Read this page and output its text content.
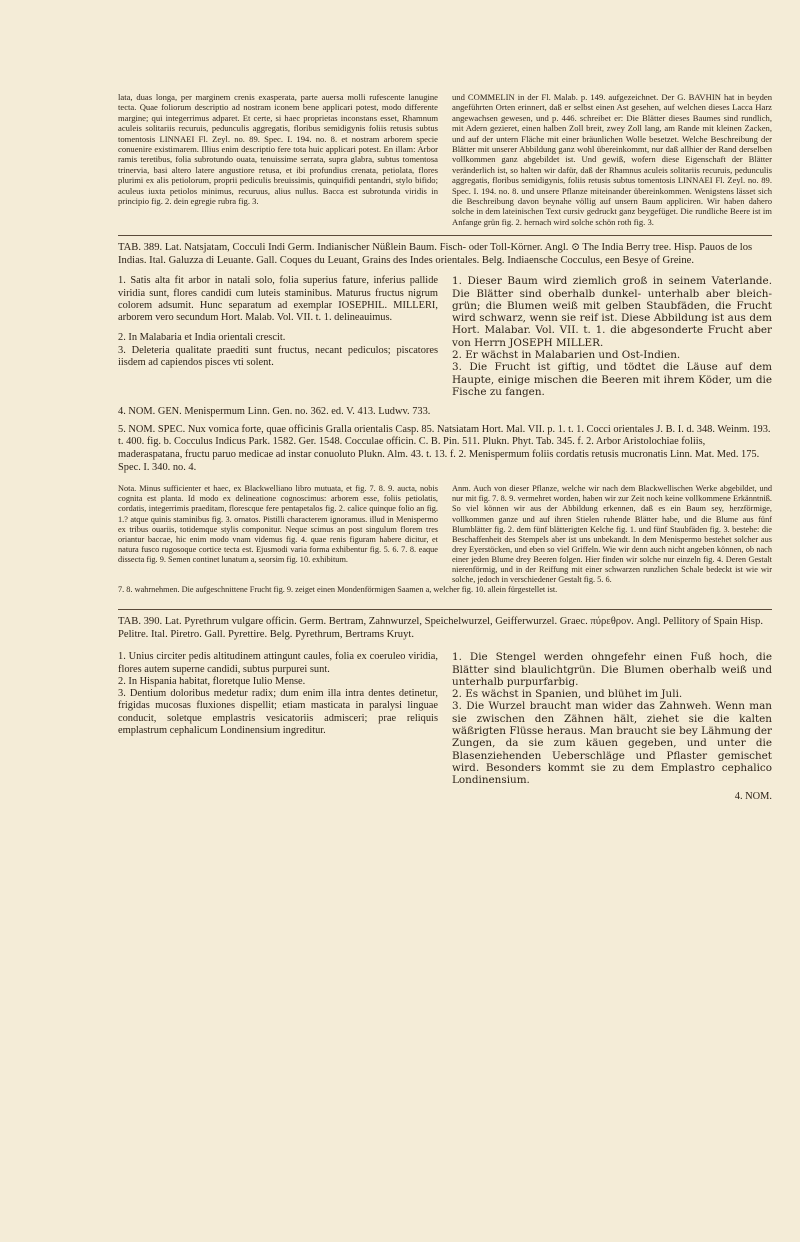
lata, duas longa, per marginem crenis exasperata, parte auersa molli rufescente lanugine tecta. Quae foliorum descriptio ad nostram iconem bene applicari potest, modo differente margine; qui integerrimus adparet. Et certe, si haec proprietas inconstans esset, Rhamnum aculeis solitariis recuruis, pedunculis aggregatis, floribus semidigynis foliis retusis subtus tomentosis LINNAEI Fl. Zeyl. no. 89. Spec. I. 194. no. 8. et nostram arborem specie conuenire existimarem. Illius enim descriptio fere tota huic applicari potest. En illam: Arbor ramis teretibus, folia subrotundo ouata, tenuissime serrata, supra glabra, subtus tomentosa trinervia, basi altero latere angustiore retusa, et ibi profundius crenata, petiolata, flores plurimi ex alis petiolorum, proprii pediculis breuissimis, quinquifidi pentandri, stylo bifido; aculeus iuxta petiolos minimus, recuruus, alius nullus. Bacca est subrotunda viridis in principio fig. 2. dein egregie rubra fig. 3.

und COMMELIN in der Fl. Malab. p. 149. aufgezeichnet. Der G. BAVHIN hat in beyden angeführten Orten erinnert, daß er selbst einen Ast gesehen, auf welchen dieses Lacca Harz angewachsen gewesen, und p. 446. schreibet er: Die Blätter dieses Baumes sind rundlich, mit Adern gezieret, einen halben Zoll breit, zwey Zoll lang, am Rande mit kleinen Zacken, und auf der untern Fläche mit einer bräunlichen Wolle besetzet. Welche Beschreibung der Blätter mit unserer Abbildung ganz wohl übereinkommt, nur daß allhier der Rand derselben vollkommen ganz abgebildet ist. Und gewiß, wofern diese Eigenschaft der Blätter veränderlich ist, so halten wir dafür, daß der Rhamnus aculeis solitariis recuruis, pedunculis aggregatis, floribus semidigynis, foliis retusis subtus tomentosis LINNAEI Fl. Zeyl. no. 89. Spec. I. 194. no. 8. und unsere Pflanze miteinander übereinkommen. Wenigstens lässet sich die Beschreibung davon beynahe völlig auf unsern Baum appliciren. Wir haben dahero solche in dem lateinischen Text cursiv gedruckt ganz beygefüget. Die rundliche Beere ist im Anfange grün fig. 2. hernach wird solche schön roth fig. 3.

TAB. 389. Lat. Natsjatam, Cocculi Indi Germ. Indianischer Nüßlein Baum. Fisch- oder Toll-Körner. Angl. ⊙ The India Berry tree. Hisp. Pauos de los Indias. Ital. Galuzza di Leuante. Gall. Coques du Leuant, Grains des Indes orientales. Belg. Indiaensche Cocculus, een Besye of Greine.

1. Satis alta fit arbor in natali solo, folia superius fature, inferius pallide viridia sunt, flores candidi cum luteis staminibus. Maturus fructus nigrum colorem adsumit. Hunc separatum ad exemplar IOSEPHIL. MILLERI, arborem vero secundum Hort. Malab. Vol. VII. t. 1. delineauimus.

2. In Malabaria et India orientali crescit.

3. Deleteria qualitate praediti sunt fructus, necant pediculos; piscatores iisdem ad capiendos pisces vti solent.

1. Dieser Baum wird ziemlich groß in seinem Vaterlande. Die Blätter sind oberhalb dunkel- unterhalb aber bleich-grün; die Blumen weiß mit gelben Staubfäden, die Frucht wird schwarz, wenn sie reif ist. Diese Abbildung ist aus dem Hort. Malabar. Vol. VII. t. 1. die abgesonderte Frucht aber von Herrn JOSEPH MILLER.

2. Er wächst in Malabarien und Ost-Indien.

3. Die Frucht ist giftig, und tödtet die Läuse auf dem Haupte, einige mischen die Beeren mit ihrem Köder, um die Fische zu fangen.

4. NOM. GEN. Menispermum Linn. Gen. no. 362. ed. V. 413. Ludwv. 733.

5. NOM. SPEC. Nux vomica forte, quae officinis Gralla orientalis Casp. 85. Natsiatam Hort. Mal. VII. p. 1. t. 1. Cocci orientales J. B. I. d. 348. Weinm. 193. t. 400. fig. b. Cocculus Indicus Park. 1582. Ger. 1548. Cocculae officin. C. B. Pin. 511. Plukn. Phyt. Tab. 345. f. 2. Arbor Aristolochiae foliis, maderaspatana, fructu paruo medicae ad instar conuoluto Plukn. Alm. 43. t. 13. f. 2. Menispermum foliis cordatis retusis mucronatis Linn. Mat. Med. 175. Spec. I. 340. no. 4.

Nota. Minus sufficienter et haec, ex Blackwelliano libro mutuata, et fig. 7. 8. 9. aucta, nobis cognita est planta. Id modo ex delineatione cognoscimus: arborem esse, foliis petiolatis, cordatis, integerrimis praeditam, florescque fere pentapetalos fig. 2. calice quinque folio an fig. 1.? atque quinis staminibus fig. 3. ornatos. Pistilli characterem ignoramus. illud in Menispermo ex tribus ouariis, totidemque stylis componitur. Neque scimus an post singulum florem tres oriantur baccae, hic enim modo vnam videmus fig. 4. quae renis figuram habere dicitur, et natura fusco rugosoque cortice tecta est. Ejusmodi varia forma exhibentur fig. 5. 6. 7. 8. eaque dissecta fig. 9. Semen continet lunatum a, seorsim fig. 10. exhibitum.

Anm. Auch von dieser Pflanze, welche wir nach dem Blackwellischen Werke abgebildet, und nur mit fig. 7. 8. 9. vermehret worden, haben wir zur Zeit noch keine vollkommene Erkänntniß. So viel können wir aus der Abbildung erkennen, daß es ein Baum sey, herzförmige, vollkommen ganze und auf ihren Stielen ruhende Blätter habe, und die Blume aus fünf Blumblätter fig. 2. dem fünf blätterigten Kelche fig. 1. und fünf Staubfäden fig. 3. bestehe: die Beschaffenheit des Stempels aber ist uns unbekandt. In dem Menispermo bestehet solcher aus drey Eyerstöcken, und eben so viel Griffeln. Wie wir denn auch nicht angeben können, ob nach einer jeden Blume drey Beeren folgen. Hier finden wir solche nur einzeln fig. 4. Deren Gestalt nierenförmig, und in der Reiffung mit einer schwarzen runzlichen Schale bedeckt ist wie wir solche, jedoch in verschiedener Gestalt fig. 5. 6.

7. 8. wahrnehmen. Die aufgeschnittene Frucht fig. 9. zeiget einen Mondenförmigen Saamen a, welcher fig. 10. allein fürgestellet ist.

TAB. 390. Lat. Pyrethrum vulgare officin. Germ. Bertram, Zahnwurzel, Speichelwurzel, Geifferwurzel. Graec. πύρεθρον. Angl. Pellitory of Spain Hisp. Pelitre. Ital. Piretro. Gall. Pyrettire. Belg. Pyrethrum, Bertrams Kruyt.

1. Unius circiter pedis altitudinem attingunt caules, folia ex coeruleo viridia, flores autem superne candidi, subtus purpurei sunt.

2. In Hispania habitat, floretque Iulio Mense.

3. Dentium doloribus medetur radix; dum enim illa intra dentes detinetur, frigidas mucosas fluxiones dispellit; etiam masticata in paralysi linguae conducit, soletque emplastris vesicatoriis admisceri; prae reliquis emplastrum cephalicum Londinensium ingreditur.

1. Die Stengel werden ohngefehr einen Fuß hoch, die Blätter sind blaulichtgrün. Die Blumen oberhalb weiß und unterhalb purpurfarbig.

2. Es wächst in Spanien, und blühet im Juli.

3. Die Wurzel braucht man wider das Zahnweh. Wenn man sie zwischen den Zähnen hält, ziehet sie die kalten wäßrigten Flüsse heraus. Man braucht sie bey Lähmung der Zungen, da sie zum käuen gegeben, und unter die Blasenziehenden Ueberschläge und Pflaster gemischet wird. Besonders kommt sie zu dem Emplastro cephalico Londinensium.

4. NOM.
